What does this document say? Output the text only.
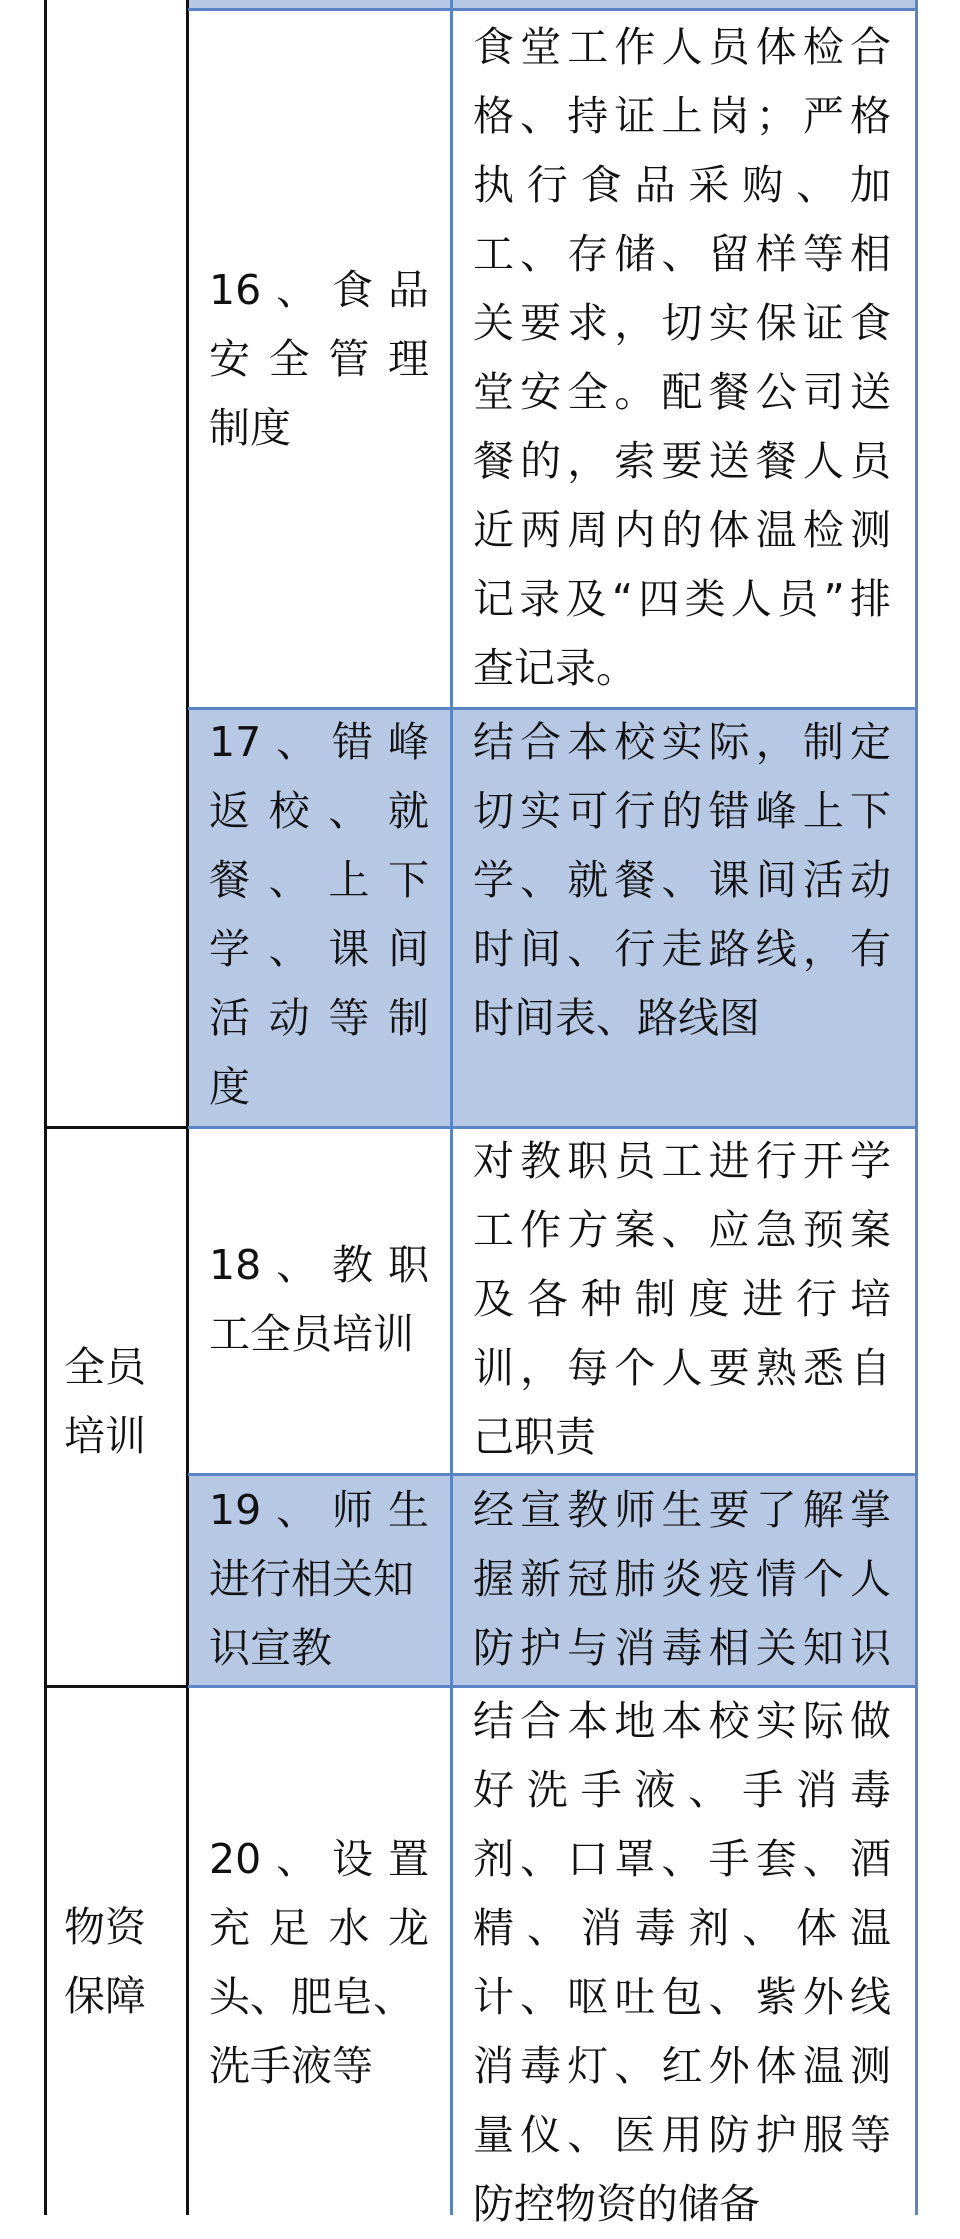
16、食品
安全管理
制度
食堂工作人员体检合
格、持证上岗；严格
执行食品采购、加
工、存储、留样等相
关要求，切实保证食
堂安全。配餐公司送
餐的，索要送餐人员
近两周内的体温检测
记录及“四类人员”排
查记录。
17、错峰
返校、就
餐、上下
学、课间
活动等制
度
结合本校实际，制定
切实可行的错峰上下
学、就餐、课间活动
时间、行走路线，有
时间表、路线图
全员
培训
18、教职
工全员培训
对教职员工进行开学
工作方案、应急预案
及各种制度进行培
训，每个人要熟悉自
己职责
19、师生
进行相关知
识宣教
经宣教师生要了解掌
握新冠肺炎疫情个人
防护与消毒相关知识
物资
保障
20、设置
充足水龙
头、肥皂、
洗手液等
结合本地本校实际做
好洗手液、手消毒
剂、口罩、手套、酒
精、消毒剂、体温
计、呕吐包、紫外线
消毒灯、红外体温测
量仪、医用防护服等
防控物资的储备
